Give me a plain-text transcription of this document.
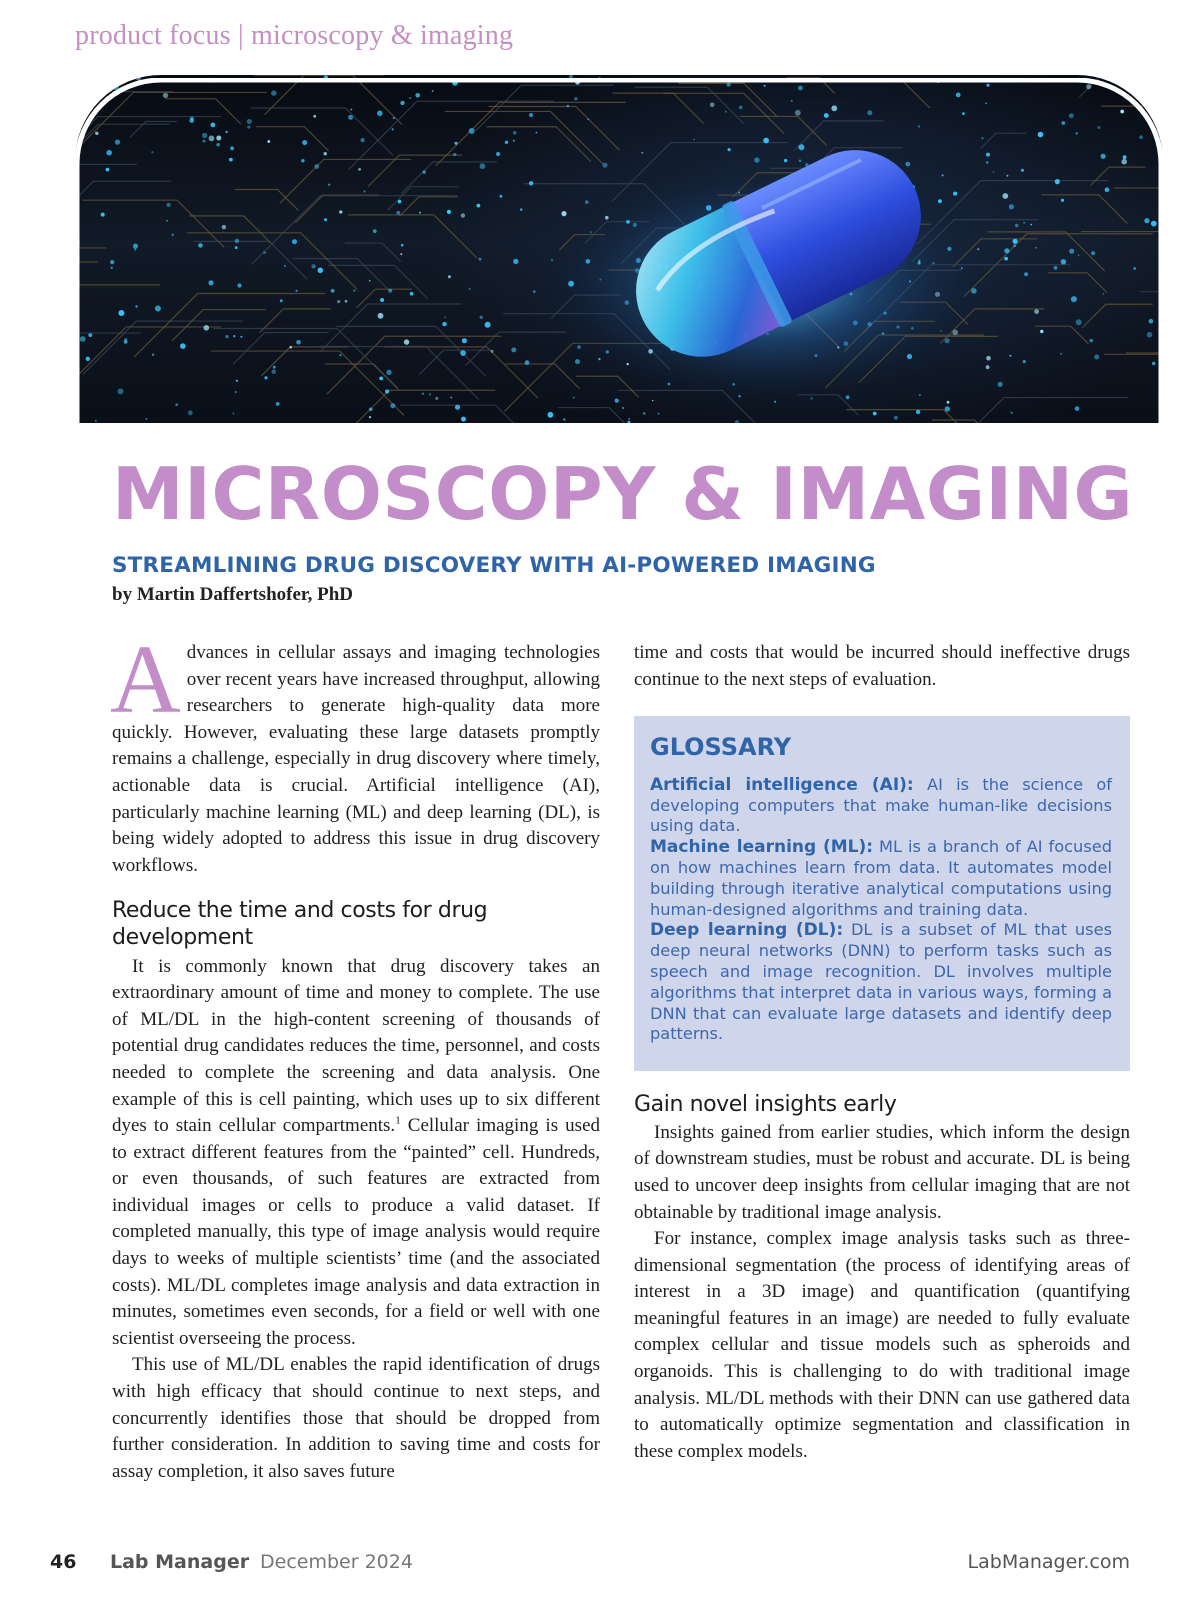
product focus | microscopy & imaging
MICROSCOPY & IMAGING
STREAMLINING DRUG DISCOVERY WITH AI-POWERED IMAGING
by Martin Daffertshofer, PhD

Advances in cellular assays and imaging technologies over recent years have increased throughput, allowing researchers to generate high-quality data more quickly. However, evaluating these large datasets promptly remains a challenge, especially in drug discovery where timely, actionable data is crucial. Artificial intelligence (AI), particularly machine learning (ML) and deep learning (DL), is being widely adopted to address this issue in drug discovery workflows.

Reduce the time and costs for drug development

It is commonly known that drug discovery takes an extraordinary amount of time and money to complete. The use of ML/DL in the high-content screening of thousands of potential drug candidates reduces the time, personnel, and costs needed to complete the screening and data analysis. One example of this is cell painting, which uses up to six different dyes to stain cellular compartments.$^1$ Cellular imaging is used to extract different features from the “painted” cell. Hundreds, or even thousands, of such features are extracted from individual images or cells to produce a valid dataset. If completed manually, this type of image analysis would require days to weeks of multiple scientists’ time (and the associated costs). ML/DL completes image analysis and data extraction in minutes, sometimes even seconds, for a field or well with one scientist overseeing the process.

This use of ML/DL enables the rapid identification of drugs with high efficacy that should continue to next steps, and concurrently identifies those that should be dropped from further consideration. In addition to saving time and costs for assay completion, it also saves future

time and costs that would be incurred should ineffective drugs continue to the next steps of evaluation.

GLOSSARY

Artificial intelligence (AI): AI is the science of developing computers that make human-like decisions using data.

Machine learning (ML): ML is a branch of AI focused on how machines learn from data. It automates model building through iterative analytical computations using human-designed algorithms and training data.

Deep learning (DL): DL is a subset of ML that uses deep neural networks (DNN) to perform tasks such as speech and image recognition. DL involves multiple algorithms that interpret data in various ways, forming a DNN that can evaluate large datasets and identify deep patterns.

Gain novel insights early

Insights gained from earlier studies, which inform the design of downstream studies, must be robust and accurate. DL is being used to uncover deep insights from cellular imaging that are not obtainable by traditional image analysis.

For instance, complex image analysis tasks such as three-dimensional segmentation (the process of identifying areas of interest in a 3D image) and quantification (quantifying meaningful features in an image) are needed to fully evaluate complex cellular and tissue models such as spheroids and organoids. This is challenging to do with traditional image analysis. ML/DL methods with their DNN can use gathered data to automatically optimize segmentation and classification in these complex models.

46 Lab Manager December 2024	LabManager.com
